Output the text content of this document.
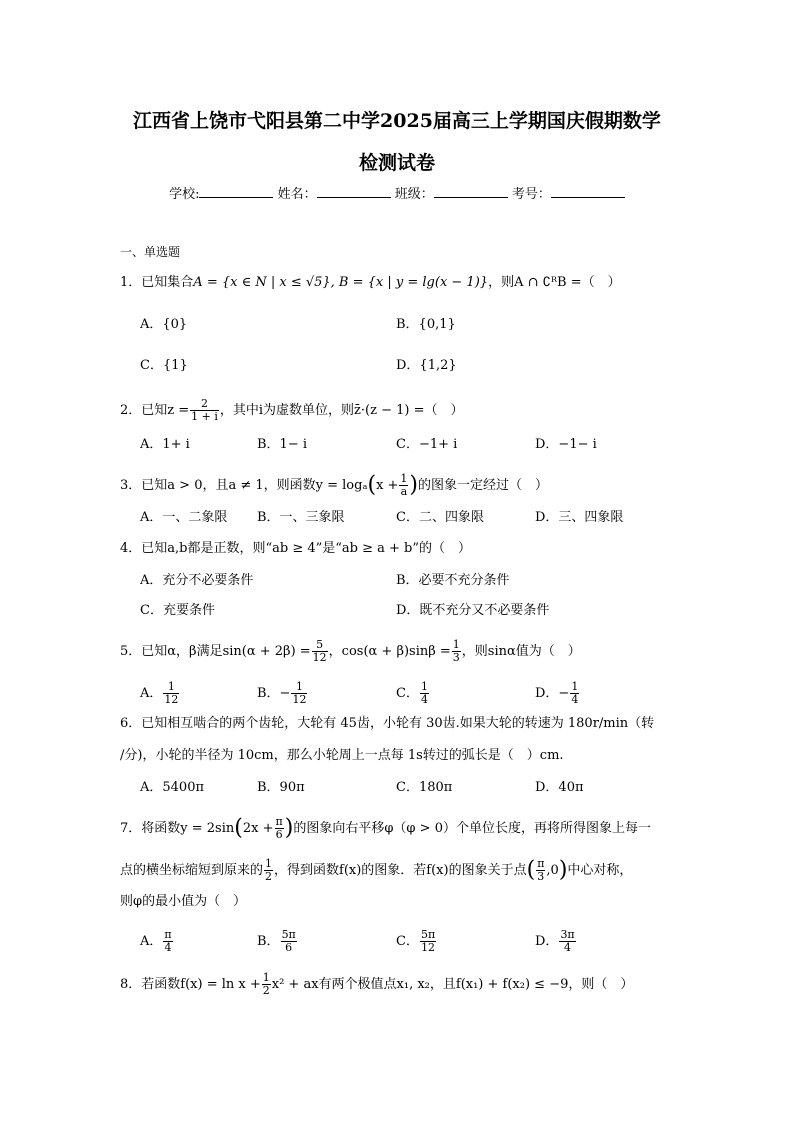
江西省上饶市弋阳县第二中学2025届高三上学期国庆假期数学
检测试卷
学校:	姓名：	班级：	考号：
一、单选题
1．已知集合A = {x ∈ N | x ≤ √5}, B = {x | y = lg(x − 1)}，则A ∩ ∁ᴿB =（　）
A．{0}	B．{0,1}
C．{1}	D．{1,2}
2．已知$z = \frac{2}{1 + i}$ ，其中i为虚数单位，则z̄·(z − 1) =（　）
A．1+ i	B．1− i	C．−1+ i	D．−1− i
3．已知a > 0，且a ≠ 1，则函数$y = \log_a(x + \frac{1}{a}$ )的图象一定经过（　）
A．一、二象限 B．一、三象限	C．二、四象限	D．三、四象限
4．已知a,b都是正数，则“ab ≥ 4”是“ab ≥ a + b”的（　）
A．充分不必要条件	B．必要不充分条件
C．充要条件	D．既不充分又不必要条件
5．已知α，β满足$\sin(\alpha + 2\beta) = \frac{5}{12}$ ，$\cos(\alpha + \beta)\sin\beta = \frac{1}{3}$ ，则sinα值为（　）
A． $\frac{1}{12}$	B．− $\frac{1}{12}$	C． $\frac{1}{4}$	D．− $\frac{1}{4}$
6．已知相互啮合的两个齿轮，大轮有 45齿，小轮有 30齿.如果大轮的转速为 180r/min（转
/分)，小轮的半径为 10cm，那么小轮周上一点每 1s转过的弧长是（　）cm.
A．5400π	B．90π	C．180π	D．40π
7．将函数$y = 2\sin(2x + \frac{\pi}{6}$ )的图象向右平移φ（φ > 0）个单位长度，再将所得图象上每一
点的横坐标缩短到原来的 $\frac{1}{2}$ ，得到函数f(x)的图象．若f(x)的图象关于点( $\frac{\pi}{3} ,0$)中心对称，
则φ的最小值为（　）
A． $\frac{\pi}{4}$	B． $\frac{5\pi}{6}$	C． $\frac{5\pi}{12}$	D． $\frac{3\pi}{4}$
8．若函数$f(x) = \ln x + \frac{1}{2} x^2$ + ax有两个极值点x₁, x₂，且f(x₁) + f(x₂) ≤ −9，则（　）
